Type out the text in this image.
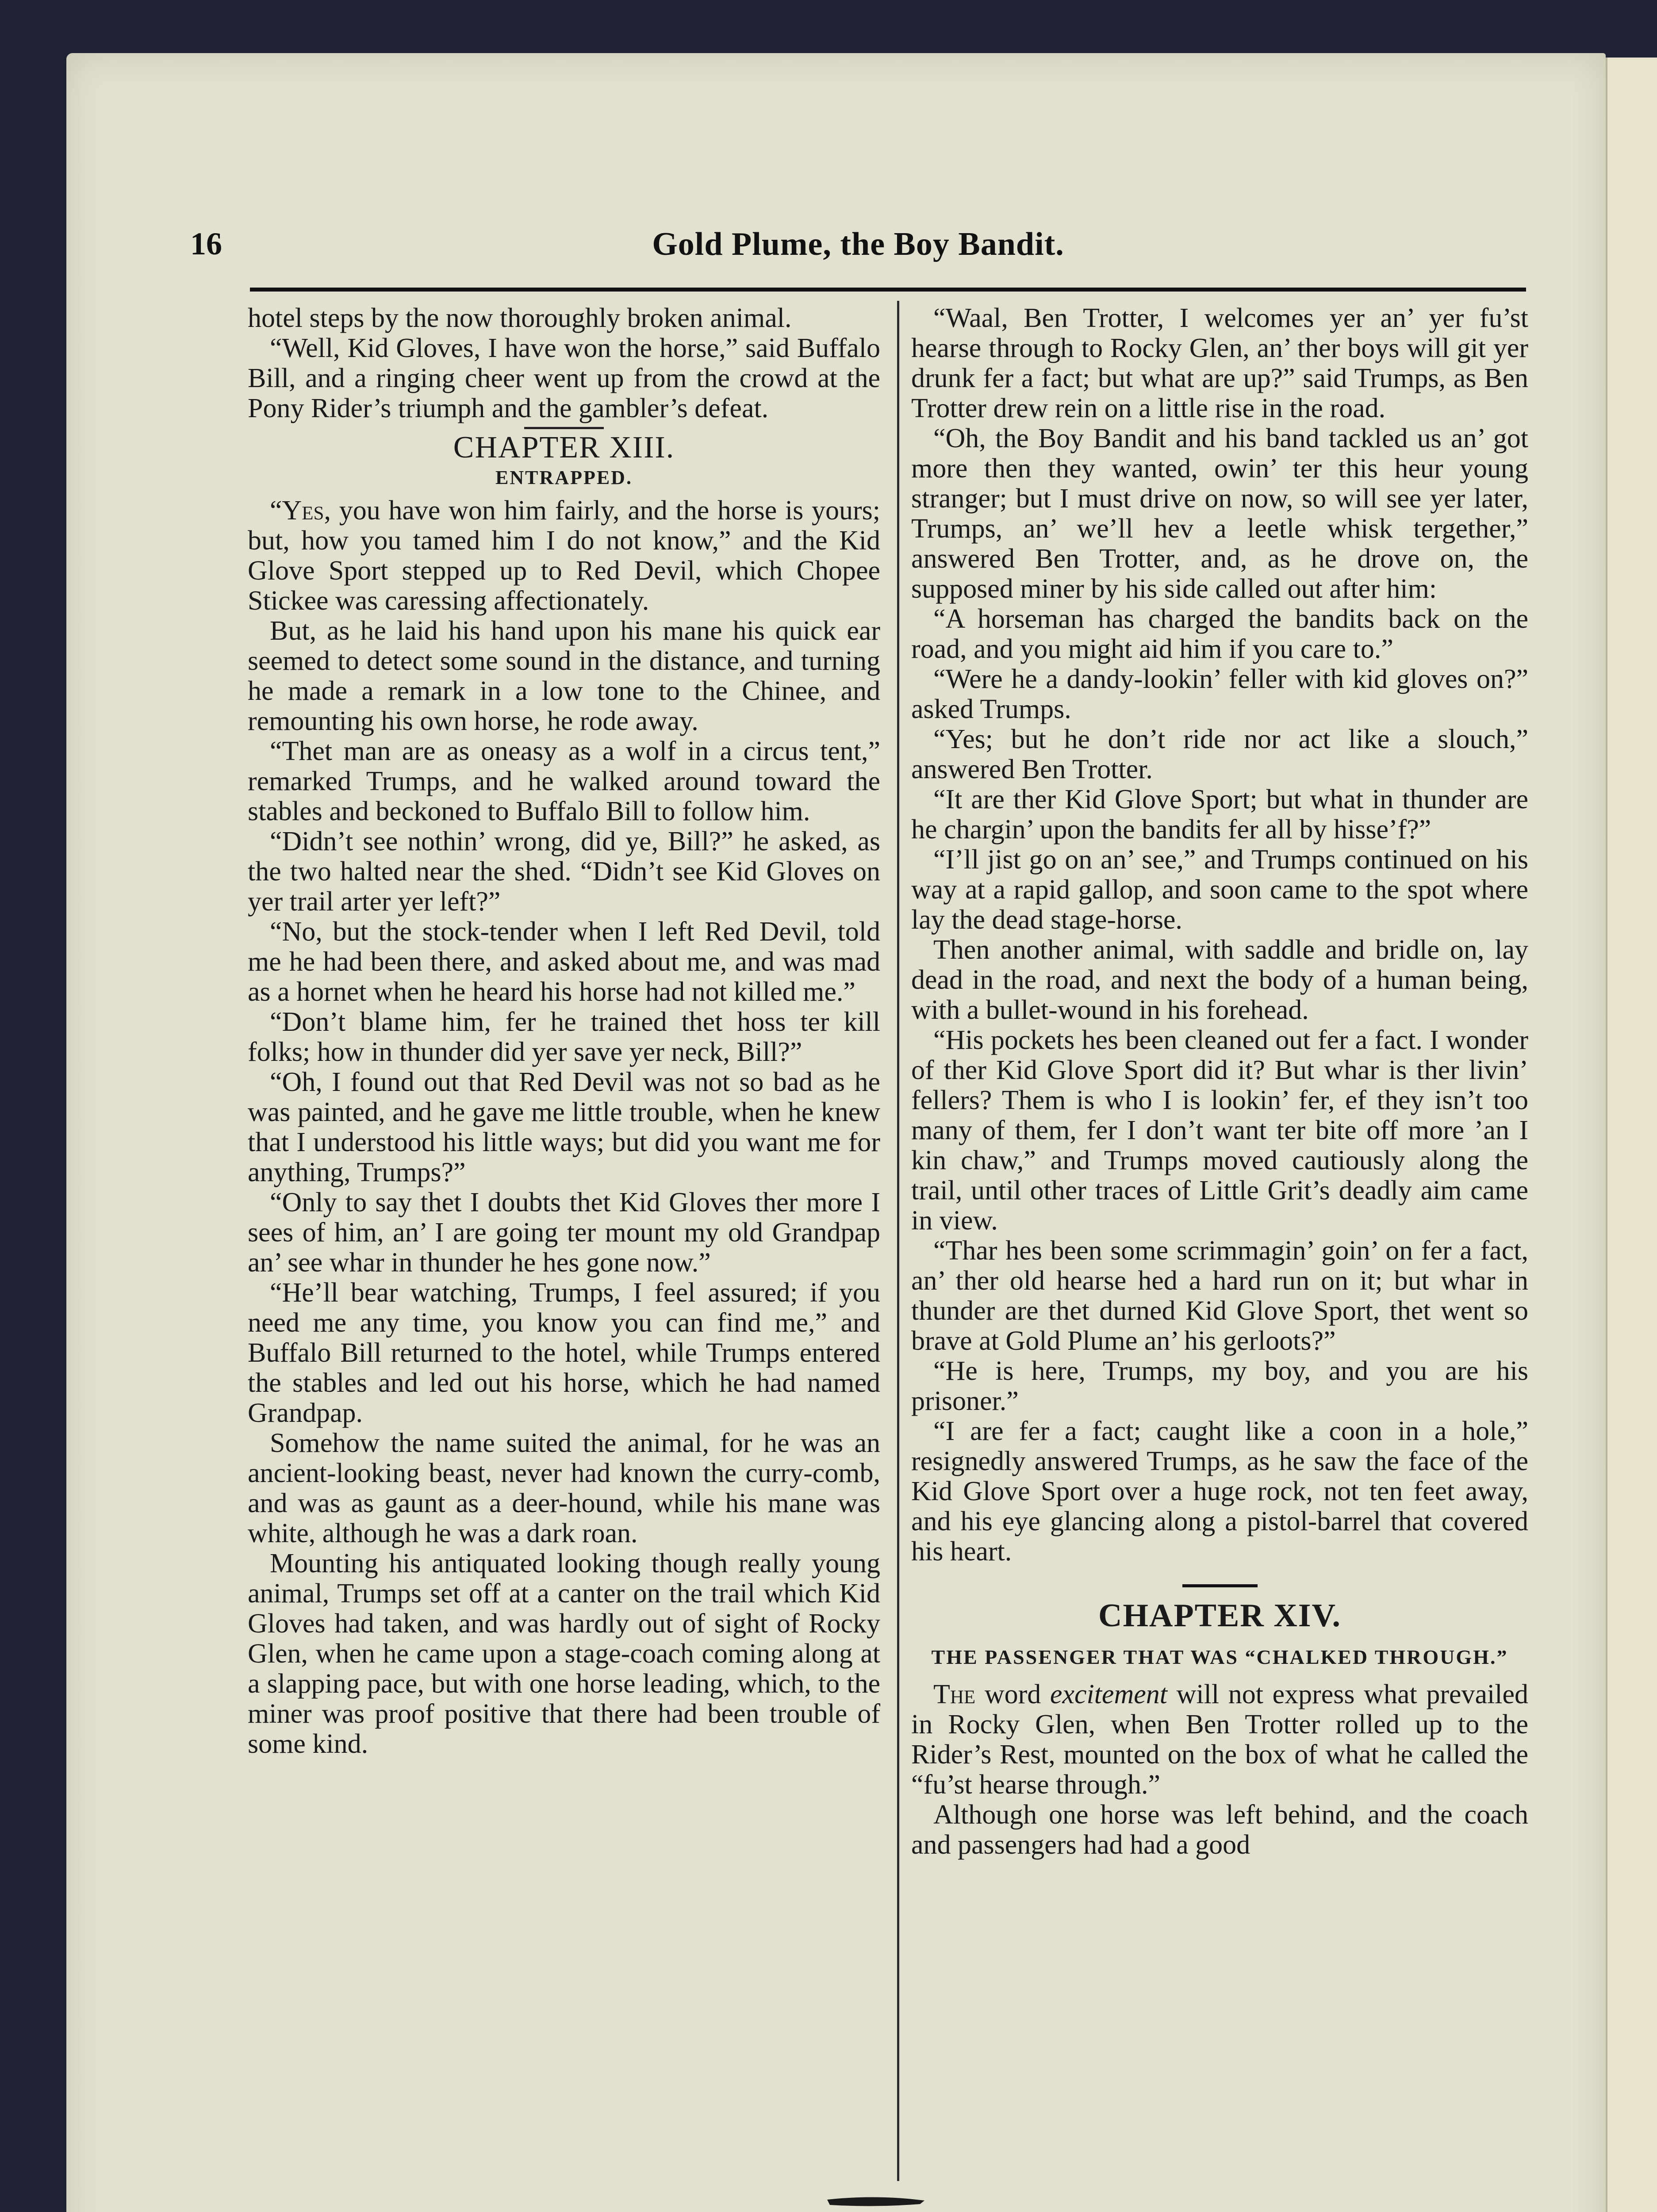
16	Gold Plume, the Boy Bandit.

hotel steps by the now thoroughly broken animal.

“Well, Kid Gloves, I have won the horse,” said Buffalo Bill, and a ringing cheer went up from the crowd at the Pony Rider’s triumph and the gambler’s defeat.

CHAPTER XIII.
ENTRAPPED.

“Yes, you have won him fairly, and the horse is yours; but, how you tamed him I do not know,” and the Kid Glove Sport stepped up to Red Devil, which Chopee Stickee was caressing affectionately.

But, as he laid his hand upon his mane his quick ear seemed to detect some sound in the distance, and turning he made a remark in a low tone to the Chinee, and remounting his own horse, he rode away.

“Thet man are as oneasy as a wolf in a circus tent,” remarked Trumps, and he walked around toward the stables and beckoned to Buffalo Bill to follow him.

“Didn’t see nothin’ wrong, did ye, Bill?” he asked, as the two halted near the shed. “Didn’t see Kid Gloves on yer trail arter yer left?”

“No, but the stock-tender when I left Red Devil, told me he had been there, and asked about me, and was mad as a hornet when he heard his horse had not killed me.”

“Don’t blame him, fer he trained thet hoss ter kill folks; how in thunder did yer save yer neck, Bill?”

“Oh, I found out that Red Devil was not so bad as he was painted, and he gave me little trouble, when he knew that I understood his little ways; but did you want me for anything, Trumps?”

“Only to say thet I doubts thet Kid Gloves ther more I sees of him, an’ I are going ter mount my old Grandpap an’ see whar in thunder he hes gone now.”

“He’ll bear watching, Trumps, I feel assured; if you need me any time, you know you can find me,” and Buffalo Bill returned to the hotel, while Trumps entered the stables and led out his horse, which he had named Grandpap.

Somehow the name suited the animal, for he was an ancient-looking beast, never had known the curry-comb, and was as gaunt as a deer-hound, while his mane was white, although he was a dark roan.

Mounting his antiquated looking though really young animal, Trumps set off at a canter on the trail which Kid Gloves had taken, and was hardly out of sight of Rocky Glen, when he came upon a stage-coach coming along at a slapping pace, but with one horse leading, which, to the miner was proof positive that there had been trouble of some kind.

“Waal, Ben Trotter, I welcomes yer an’ yer fu’st hearse through to Rocky Glen, an’ ther boys will git yer drunk fer a fact; but what are up?” said Trumps, as Ben Trotter drew rein on a little rise in the road.

“Oh, the Boy Bandit and his band tackled us an’ got more then they wanted, owin’ ter this heur young stranger; but I must drive on now, so will see yer later, Trumps, an’ we’ll hev a leetle whisk tergether,” answered Ben Trotter, and, as he drove on, the supposed miner by his side called out after him:

“A horseman has charged the bandits back on the road, and you might aid him if you care to.”

“Were he a dandy-lookin’ feller with kid gloves on?” asked Trumps.

“Yes; but he don’t ride nor act like a slouch,” answered Ben Trotter.

“It are ther Kid Glove Sport; but what in thunder are he chargin’ upon the bandits fer all by hisse’f?”

“I’ll jist go on an’ see,” and Trumps continued on his way at a rapid gallop, and soon came to the spot where lay the dead stage-horse.

Then another animal, with saddle and bridle on, lay dead in the road, and next the body of a human being, with a bullet-wound in his forehead.

“His pockets hes been cleaned out fer a fact. I wonder of ther Kid Glove Sport did it? But whar is ther livin’ fellers? Them is who I is lookin’ fer, ef they isn’t too many of them, fer I don’t want ter bite off more ’an I kin chaw,” and Trumps moved cautiously along the trail, until other traces of Little Grit’s deadly aim came in view.

“Thar hes been some scrimmagin’ goin’ on fer a fact, an’ ther old hearse hed a hard run on it; but whar in thunder are thet durned Kid Glove Sport, thet went so brave at Gold Plume an’ his gerloots?”

“He is here, Trumps, my boy, and you are his prisoner.”

“I are fer a fact; caught like a coon in a hole,” resignedly answered Trumps, as he saw the face of the Kid Glove Sport over a huge rock, not ten feet away, and his eye glancing along a pistol-barrel that covered his heart.

CHAPTER XIV.
THE PASSENGER THAT WAS “CHALKED THROUGH.”

The word excitement will not express what prevailed in Rocky Glen, when Ben Trotter rolled up to the Rider’s Rest, mounted on the box of what he called the “fu’st hearse through.”

Although one horse was left behind, and the coach and passengers had had a good
